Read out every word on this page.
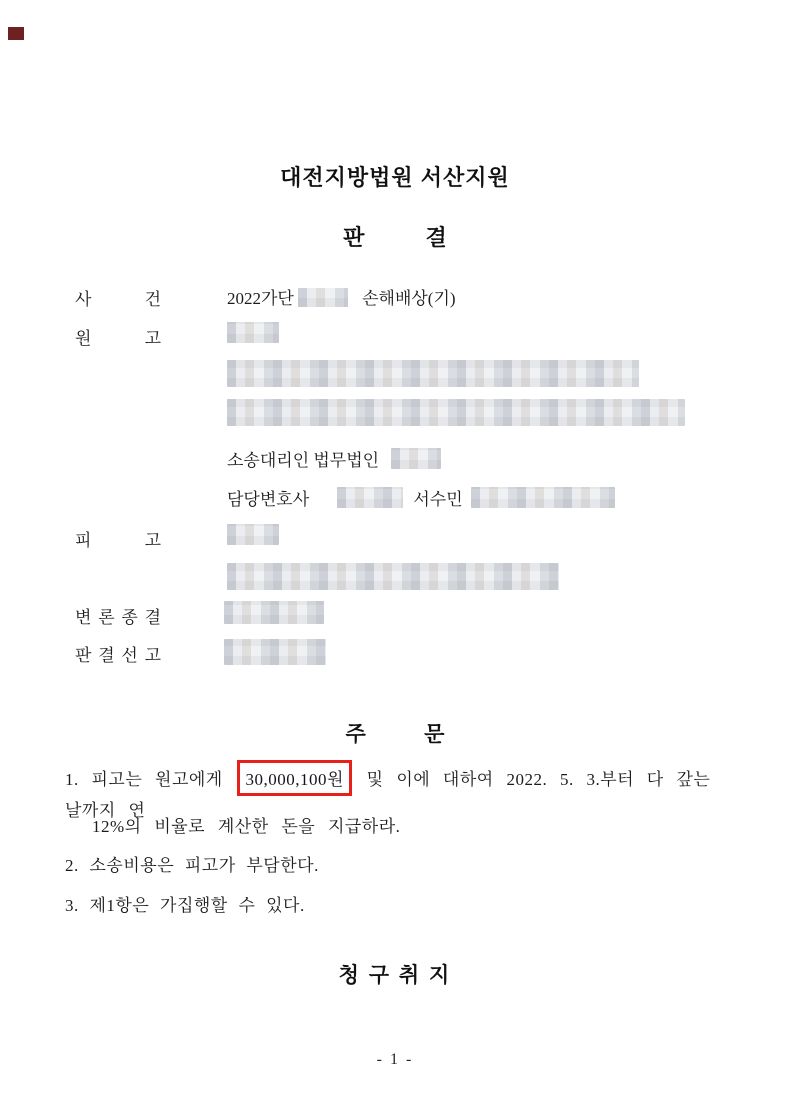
대전지방법원 서산지원
판          결
사 건	2022가단	손해배상(기)
원 고
소송대리인 법무법인
담당변호사	서수민
피 고
변 론 종 결
판 결 선 고
주          문
1. 피고는 원고에게 30,000,100원 및 이에 대하여 2022. 5. 3.부터 다 갚는 날까지 연
12%의 비율로 계산한 돈을 지급하라.
2. 소송비용은 피고가 부담한다.
3. 제1항은 가집행할 수 있다.
청 구 취 지
- 1 -
